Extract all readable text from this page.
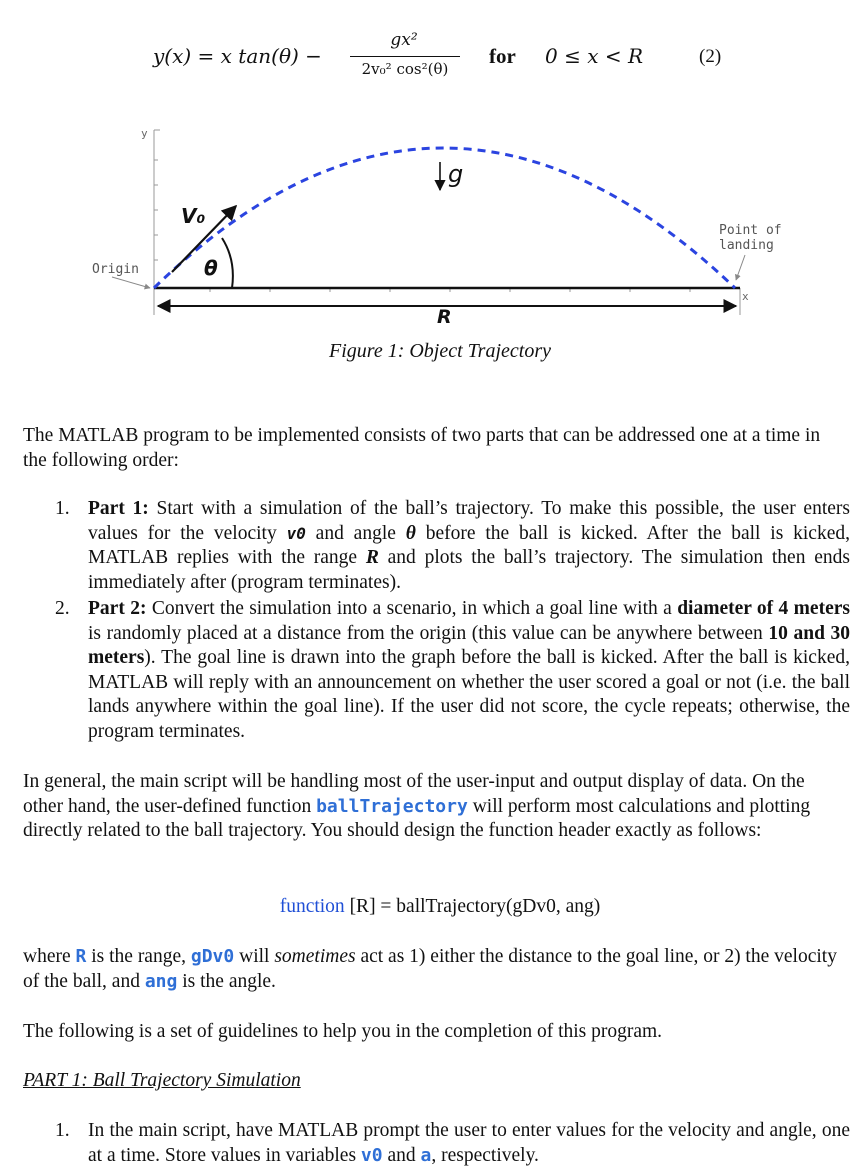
y(x) = x tan(θ) −
gx²
2v₀² cos²(θ)
for 0 ≤ x < R	(2)
y
x
Origin
V₀
θ
g
Point of
landing
R
Figure 1: Object Trajectory

The MATLAB program to be implemented consists of two parts that can be addressed one at a time in the following order:

1. Part 1: Start with a simulation of the ball’s trajectory. To make this possible, the user enters values for the velocity v0 and angle θ before the ball is kicked. After the ball is kicked, MATLAB replies with the range R and plots the ball’s trajectory. The simulation then ends immediately after (program terminates).
2. Part 2: Convert the simulation into a scenario, in which a goal line with a diameter of 4 meters is randomly placed at a distance from the origin (this value can be anywhere between 10 and 30 meters). The goal line is drawn into the graph before the ball is kicked. After the ball is kicked, MATLAB will reply with an announcement on whether the user scored a goal or not (i.e. the ball lands anywhere within the goal line). If the user did not score, the cycle repeats; otherwise, the program terminates.

In general, the main script will be handling most of the user-input and output display of data. On the other hand, the user-defined function ballTrajectory will perform most calculations and plotting directly related to the ball trajectory. You should design the function header exactly as follows:

function [R] = ballTrajectory(gDv0, ang)

where R is the range, gDv0 will sometimes act as 1) either the distance to the goal line, or 2) the velocity of the ball, and ang is the angle.

The following is a set of guidelines to help you in the completion of this program.

PART 1: Ball Trajectory Simulation

1. In the main script, have MATLAB prompt the user to enter values for the velocity and angle, one at a time. Store values in variables v0 and a, respectively.
